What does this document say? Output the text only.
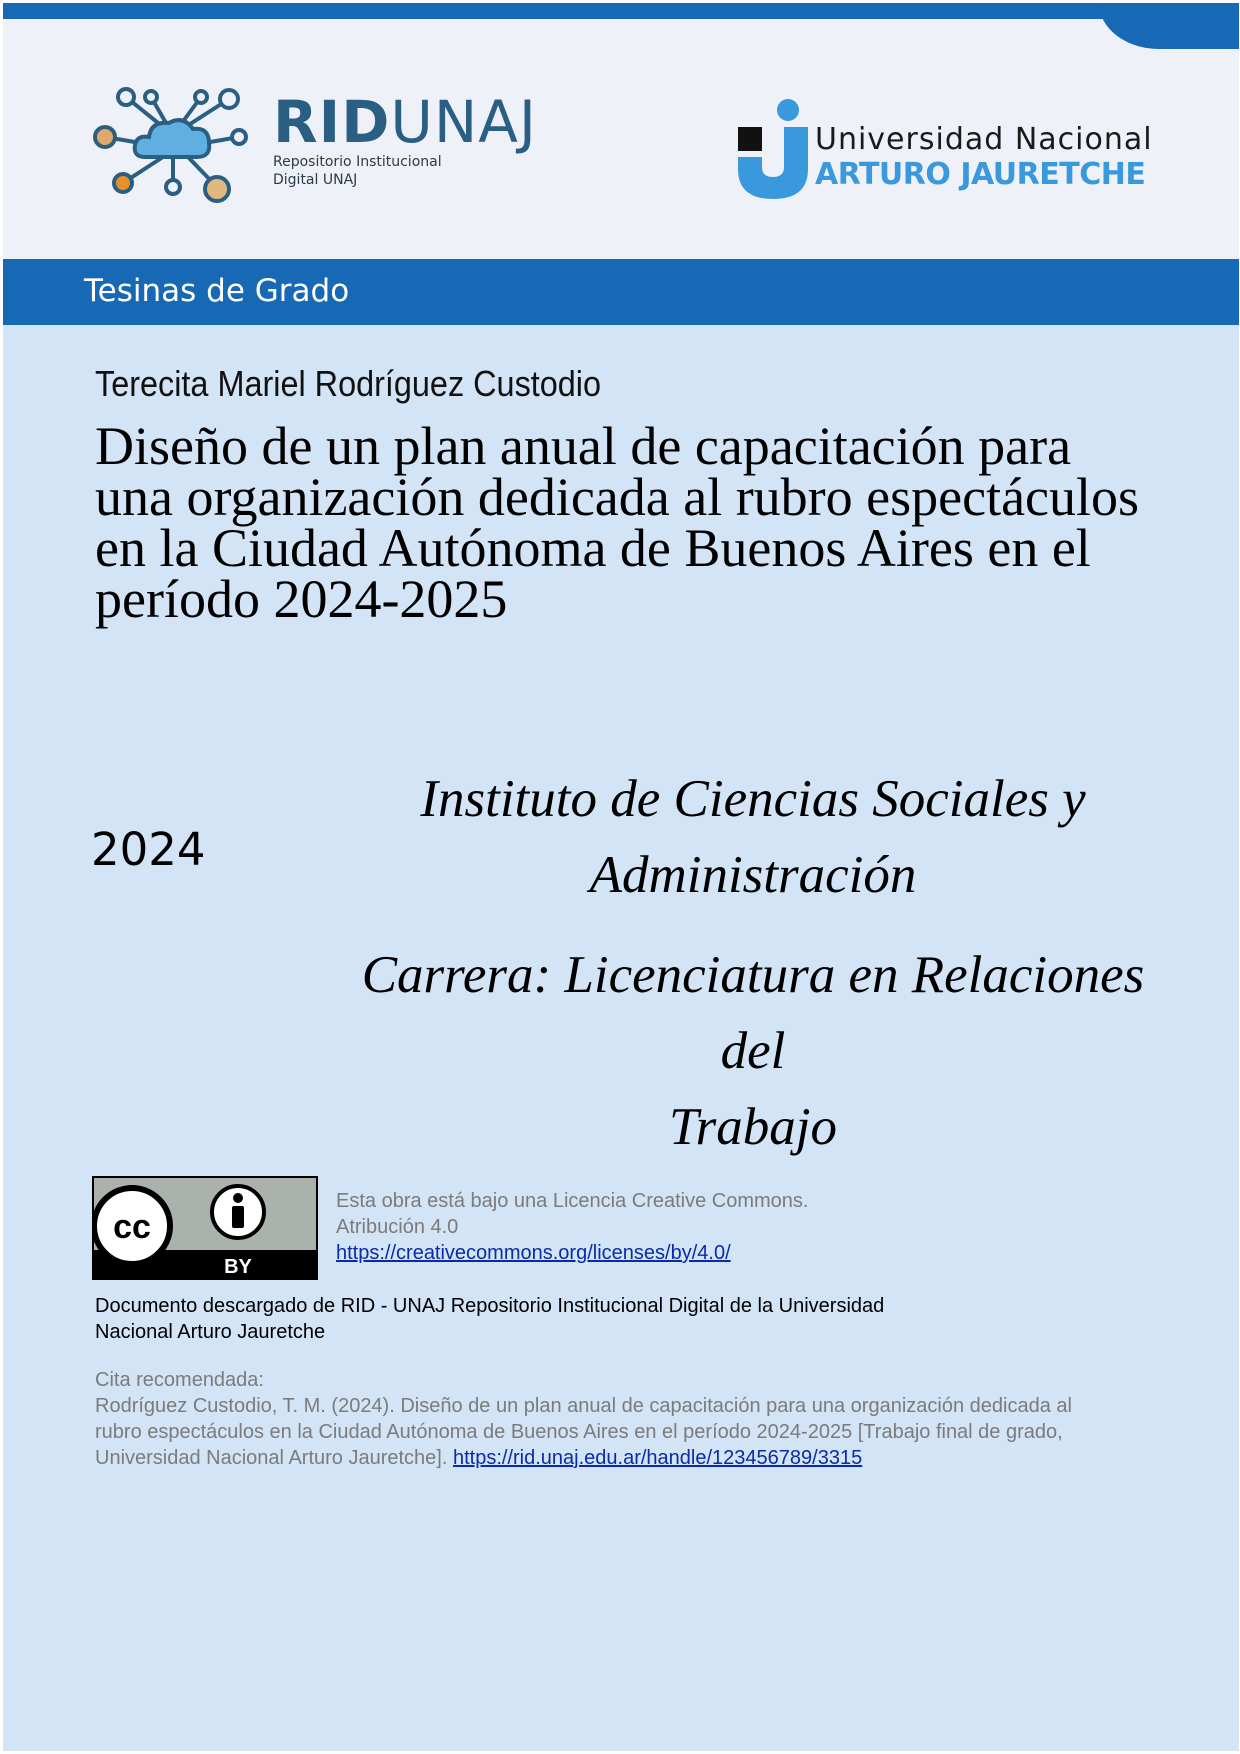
RIDUNAJ
Repositorio Institucional
Digital UNAJ
Universidad Nacional
ARTURO JAURETCHE
Tesinas de Grado
Terecita Mariel Rodríguez Custodio
Diseño de un plan anual de capacitación para
una organización dedicada al rubro espectáculos
en la Ciudad Autónoma de Buenos Aires en el
período 2024-2025
2024
Instituto de Ciencias Sociales y
Administración
Carrera: Licenciatura en Relaciones del
Trabajo
cc
BY
Esta obra está bajo una Licencia Creative Commons.
Atribución 4.0
https://creativecommons.org/licenses/by/4.0/
Documento descargado de RID - UNAJ Repositorio Institucional Digital de la Universidad
Nacional Arturo Jauretche
Cita recomendada:
Rodríguez Custodio, T. M. (2024). Diseño de un plan anual de capacitación para una organización dedicada al
rubro espectáculos en la Ciudad Autónoma de Buenos Aires en el período 2024-2025 [Trabajo final de grado,
Universidad Nacional Arturo Jauretche]. https://rid.unaj.edu.ar/handle/123456789/3315
